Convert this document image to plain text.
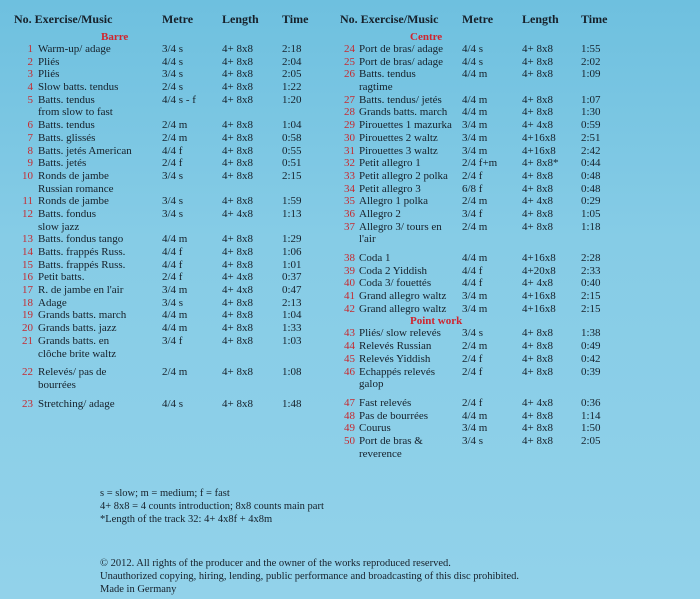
No. Exercise/Music	Metre Length Time
Barre
1 Warm-up/ adage	3/4 s	4+ 8x8	2:18
2 Pliés	4/4 s	4+ 8x8	2:04
3 Pliés	3/4 s	4+ 8x8	2:05
4 Slow batts. tendus	2/4 s	4+ 8x8	1:22
5 Batts. tendus	4/4 s - f 4+ 8x8	1:20
from slow to fast
6 Batts. tendus	2/4 m	4+ 8x8	1:04
7 Batts. glissés	2/4 m	4+ 8x8	0:58
8 Batts. jetés American	4/4 f	4+ 8x8	0:55
9 Batts. jetés	2/4 f	4+ 8x8	0:51
10 Ronds de jambe	3/4 s	4+ 8x8	2:15
Russian romance
11 Ronds de jambe	3/4 s	4+ 8x8	1:59
12 Batts. fondus	3/4 s	4+ 4x8	1:13
slow jazz
13 Batts. fondus tango	4/4 m	4+ 8x8	1:29
14 Batts. frappés Russ.	4/4 f	4+ 8x8	1:06
15 Batts. frappés Russ.	4/4 f	4+ 8x8	1:01
16 Petit batts.	2/4 f	4+ 4x8	0:37
17 R. de jambe en l'air	3/4 m	4+ 4x8	0:47
18 Adage	3/4 s	4+ 8x8	2:13
19 Grands batts. march	4/4 m	4+ 8x8	1:04
20 Grands batts. jazz	4/4 m	4+ 8x8	1:33
21 Grands batts. en	3/4 f	4+ 8x8	1:03
clôche brite waltz
22 Relevés/ pas de	2/4 m	4+ 8x8	1:08
bourrées
23 Stretching/ adage	4/4 s	4+ 8x8	1:48
No. Exercise/Music Metre Length Time
Centre
24 Port de bras/ adage 4/4 s	4+ 8x8	1:55
25 Port de bras/ adage 4/4 s	4+ 8x8	2:02
26 Batts. tendus	4/4 m	4+ 8x8	1:09
ragtime
27 Batts. tendus/ jetés 4/4 m	4+ 8x8	1:07
28 Grands batts. march 4/4 m	4+ 8x8	1:30
29 Pirouettes 1 mazurka 3/4 m	4+ 4x8	0:59
30 Pirouettes 2 waltz 3/4 m	4+16x8 2:51
31 Pirouettes 3 waltz 3/4 m	4+16x8 2:42
32 Petit allegro 1	2/4 f+m 4+ 8x8* 0:44
33 Petit allegro 2 polka 2/4 f	4+ 8x8	0:48
34 Petit allegro 3	6/8 f	4+ 8x8	0:48
35 Allegro 1 polka	2/4 m	4+ 4x8	0:29
36 Allegro 2	3/4 f	4+ 8x8	1:05
37 Allegro 3/ tours en 2/4 m	4+ 8x8	1:18
l'air
38 Coda 1	4/4 m	4+16x8 2:28
39 Coda 2 Yiddish	4/4 f	4+20x8 2:33
40 Coda 3/ fouettés	4/4 f	4+ 4x8	0:40
41 Grand allegro waltz 3/4 m	4+16x8 2:15
42 Grand allegro waltz 3/4 m	4+16x8 2:15
Point work
43 Pliés/ slow relevés 3/4 s	4+ 8x8	1:38
44 Relevés Russian	2/4 m	4+ 8x8	0:49
45 Relevés Yiddish	2/4 f	4+ 8x8	0:42
46 Echappés relevés 2/4 f	4+ 8x8	0:39
galop
47 Fast relevés	2/4 f	4+ 4x8	0:36
48 Pas de bourrées	4/4 m	4+ 8x8	1:14
49 Courus	3/4 m	4+ 8x8	1:50
50 Port de bras &	3/4 s	4+ 8x8	2:05
reverence
s = slow; m = medium; f = fast
4+ 8x8 = 4 counts introduction; 8x8 counts main part
*Length of the track 32: 4+ 4x8f + 4x8m
© 2012. All rights of the producer and the owner of the works reproduced reserved.
Unauthorized copying, hiring, lending, public performance and broadcasting of this disc prohibited.
Made in Germany
